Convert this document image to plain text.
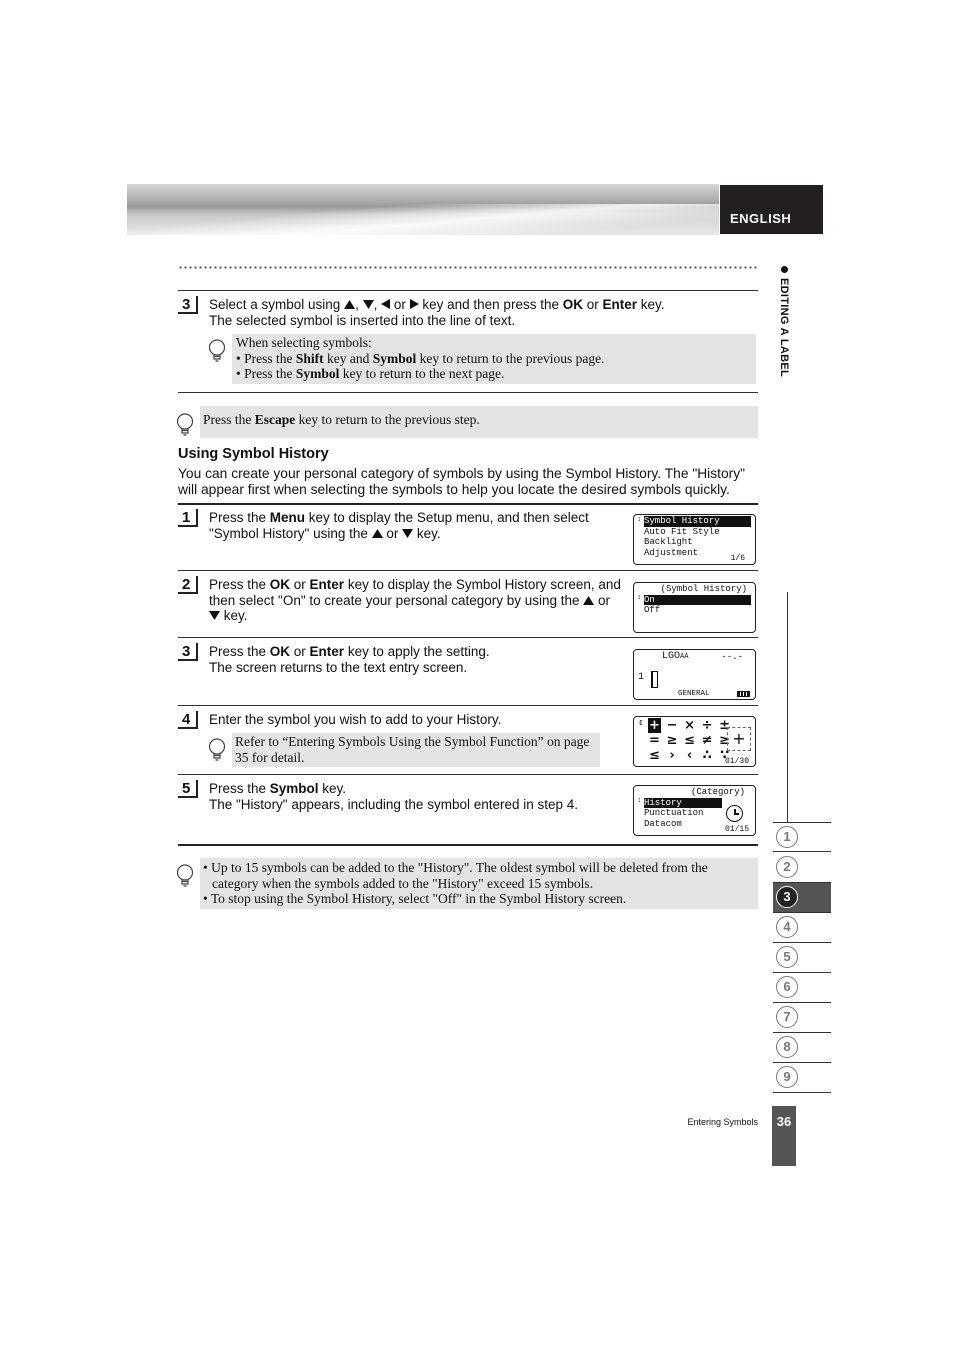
ENGLISH
EDITING A LABEL
3	Select a symbol using , ,  or  key and then press the OK or Enter key.
The selected symbol is inserted into the line of text.
When selecting symbols:
• Press the Shift key and Symbol key to return to the previous page.
• Press the Symbol key to return to the next page.
Press the Escape key to return to the previous step.
Using Symbol History
You can create your personal category of symbols by using the Symbol History. The "History" will appear first when selecting the symbols to help you locate the desired symbols quickly.
1	Press the Menu key to display the Setup menu, and then select "Symbol History" using the  or  key.
Symbol History
Auto Fit Style
Backlight
Adjustment
1/6
↕
2	Press the OK or Enter key to display the Symbol History screen, and then select "On" to create your personal category by using the  or  key.
(Symbol History)
On
Off
↕
3	Press the OK or Enter key to apply the setting.
The screen returns to the text entry screen.
LGOAA	--.-
1
GENERAL
4	Enter the symbol you wish to add to your History.
Refer to “Entering Symbols Using the Symbol Function” on page 35 for detail.
+ − × ÷ ±
= ≥ ≤ ≠ ≥
≤ › ‹ ∴ ∵
↕
+
01/30
5	Press the Symbol key.
The "History" appears, including the symbol entered in step 4.
(Category)
History
Punctuation
Datacom
01/15
↕
• Up to 15 symbols can be added to the "History". The oldest symbol will be deleted from the
category when the symbols added to the "History" exceed 15 symbols.
• To stop using the Symbol History, select "Off" in the Symbol History screen.
1
2
3
4
5
6
7
8
9
Entering Symbols	36
